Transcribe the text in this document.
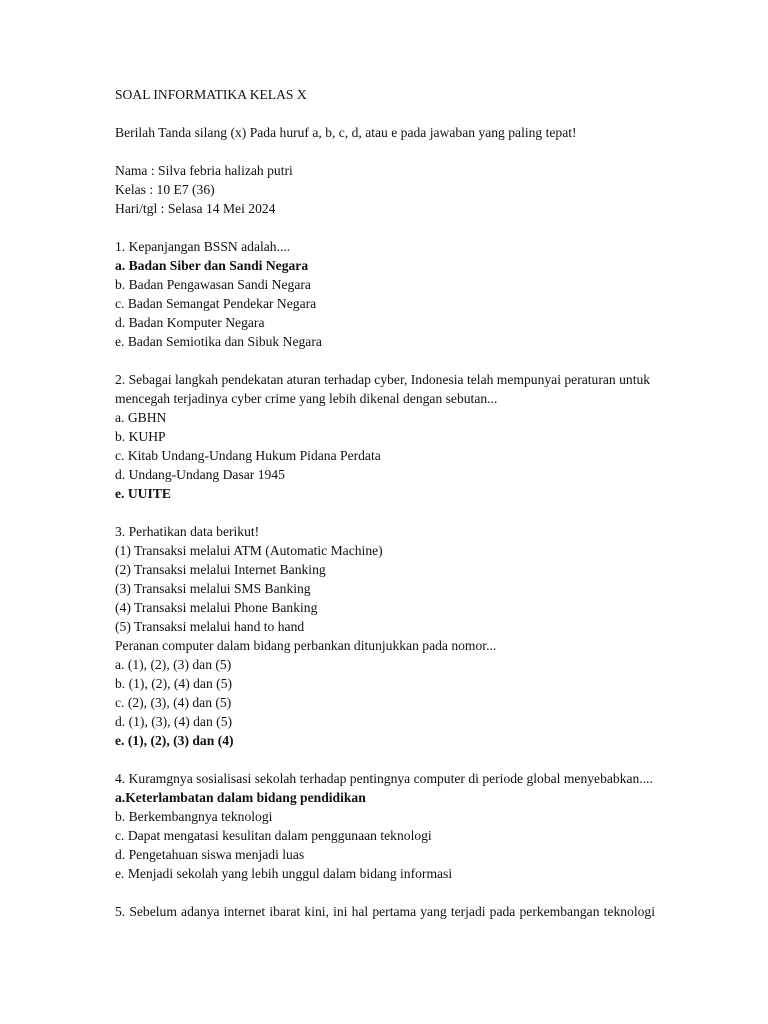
SOAL INFORMATIKA KELAS X
Berilah Tanda silang (x) Pada huruf a, b, c, d, atau e pada jawaban yang paling tepat!
Nama : Silva febria halizah putri
Kelas : 10 E7 (36)
Hari/tgl : Selasa 14 Mei 2024
1. Kepanjangan BSSN adalah....
a. Badan Siber dan Sandi Negara
b. Badan Pengawasan Sandi Negara
c. Badan Semangat Pendekar Negara
d. Badan Komputer Negara
e. Badan Semiotika dan Sibuk Negara
2. Sebagai langkah pendekatan aturan terhadap cyber, Indonesia telah mempunyai peraturan untuk
mencegah terjadinya cyber crime yang lebih dikenal dengan sebutan...
a. GBHN
b. KUHP
c. Kitab Undang-Undang Hukum Pidana Perdata
d. Undang-Undang Dasar 1945
e. UUITE
3. Perhatikan data berikut!
(1) Transaksi melalui ATM (Automatic Machine)
(2) Transaksi melalui Internet Banking
(3) Transaksi melalui SMS Banking
(4) Transaksi melalui Phone Banking
(5) Transaksi melalui hand to hand
Peranan computer dalam bidang perbankan ditunjukkan pada nomor...
a. (1), (2), (3) dan (5)
b. (1), (2), (4) dan (5)
c. (2), (3), (4) dan (5)
d. (1), (3), (4) dan (5)
e. (1), (2), (3) dan (4)
4. Kuramgnya sosialisasi sekolah terhadap pentingnya computer di periode global menyebabkan....
a.Keterlambatan dalam bidang pendidikan
b. Berkembangnya teknologi
c. Dapat mengatasi kesulitan dalam penggunaan teknologi
d. Pengetahuan siswa menjadi luas
e. Menjadi sekolah yang lebih unggul dalam bidang informasi
5. Sebelum adanya internet ibarat kini, ini hal pertama yang terjadi pada perkembangan teknologi
